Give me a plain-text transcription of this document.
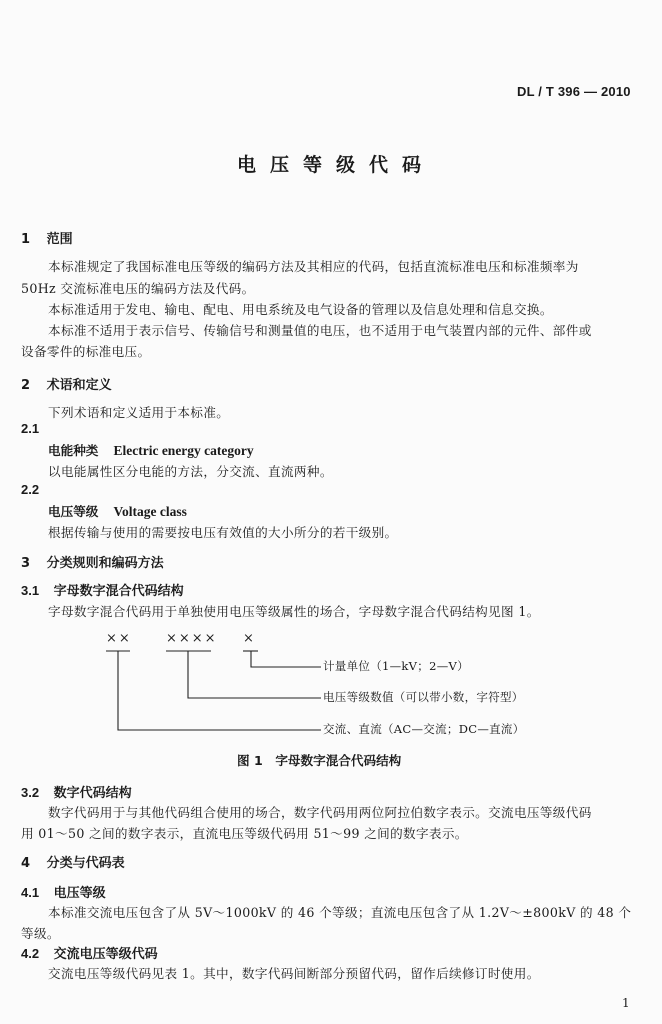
DL / T 396 — 2010
电压等级代码
1 范围
本标准规定了我国标准电压等级的编码方法及其相应的代码，包括直流标准电压和标准频率为
50Hz 交流标准电压的编码方法及代码。
本标准适用于发电、输电、配电、用电系统及电气设备的管理以及信息处理和信息交换。
本标准不适用于表示信号、传输信号和测量值的电压，也不适用于电气装置内部的元件、部件或
设备零件的标准电压。
2 术语和定义
下列术语和定义适用于本标准。
2.1
电能种类 Electric energy category
以电能属性区分电能的方法，分交流、直流两种。
2.2
电压等级 Voltage class
根据传输与使用的需要按电压有效值的大小所分的若干级别。
3 分类规则和编码方法
3.1 字母数字混合代码结构
字母数字混合代码用于单独使用电压等级属性的场合，字母数字混合代码结构见图 1。
××	×××× ×
计量单位（1—kV；2—V）
电压等级数值（可以带小数，字符型）
交流、直流（AC—交流；DC—直流）
图 1　字母数字混合代码结构
3.2 数字代码结构
数字代码用于与其他代码组合使用的场合，数字代码用两位阿拉伯数字表示。交流电压等级代码
用 01～50 之间的数字表示，直流电压等级代码用 51～99 之间的数字表示。
4 分类与代码表
4.1 电压等级
本标准交流电压包含了从 5V～1000kV 的 46 个等级；直流电压包含了从 1.2V～±800kV 的 48 个
等级。
4.2 交流电压等级代码
交流电压等级代码见表 1。其中，数字代码间断部分预留代码，留作后续修订时使用。
1
